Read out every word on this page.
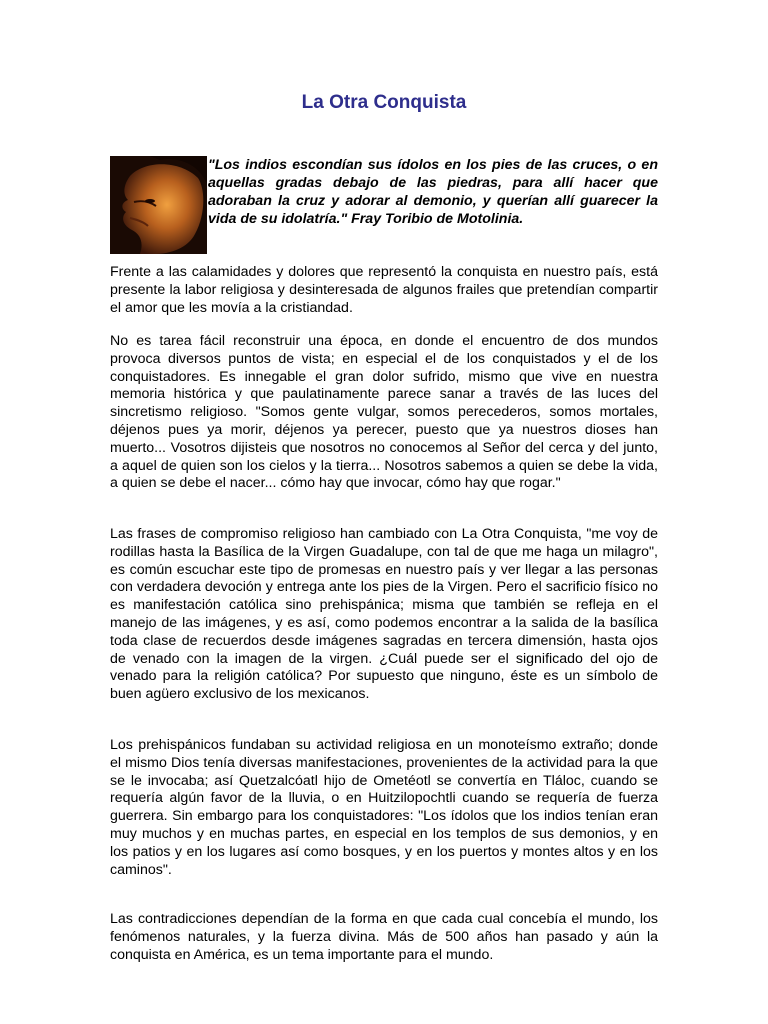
La Otra Conquista
"Los indios escondían sus ídolos en los pies de las cruces, o en aquellas gradas debajo de las piedras, para allí hacer que adoraban la cruz y adorar al demonio, y querían allí guarecer la vida de su idolatría." Fray Toribio de Motolinia.

Frente a las calamidades y dolores que representó la conquista en nuestro país, está presente la labor religiosa y desinteresada de algunos frailes que pretendían compartir el amor que les movía a la cristiandad.

No es tarea fácil reconstruir una época, en donde el encuentro de dos mundos provoca diversos puntos de vista; en especial el de los conquistados y el de los conquistadores. Es innegable el gran dolor sufrido, mismo que vive en nuestra memoria histórica y que paulatinamente parece sanar a través de las luces del sincretismo religioso. "Somos gente vulgar, somos perecederos, somos mortales, déjenos pues ya morir, déjenos ya perecer, puesto que ya nuestros dioses han muerto... Vosotros dijisteis que nosotros no conocemos al Señor del cerca y del junto, a aquel de quien son los cielos y la tierra... Nosotros sabemos a quien se debe la vida, a quien se debe el nacer... cómo hay que invocar, cómo hay que rogar."

Las frases de compromiso religioso han cambiado con La Otra Conquista, "me voy de rodillas hasta la Basílica de la Virgen Guadalupe, con tal de que me haga un milagro", es común escuchar este tipo de promesas en nuestro país y ver llegar a las personas con verdadera devoción y entrega ante los pies de la Virgen. Pero el sacrificio físico no es manifestación católica sino prehispánica; misma que también se refleja en el manejo de las imágenes, y es así, como podemos encontrar a la salida de la basílica toda clase de recuerdos desde imágenes sagradas en tercera dimensión, hasta ojos de venado con la imagen de la virgen. ¿Cuál puede ser el significado del ojo de venado para la religión católica? Por supuesto que ninguno, éste es un símbolo de buen agüero exclusivo de los mexicanos.

Los prehispánicos fundaban su actividad religiosa en un monoteísmo extraño; donde el mismo Dios tenía diversas manifestaciones, provenientes de la actividad para la que se le invocaba; así Quetzalcóatl hijo de Ometéotl se convertía en Tláloc, cuando se requería algún favor de la lluvia, o en Huitzilopochtli cuando se requería de fuerza guerrera. Sin embargo para los conquistadores: "Los ídolos que los indios tenían eran muy muchos y en muchas partes, en especial en los templos de sus demonios, y en los patios y en los lugares así como bosques, y en los puertos y montes altos y en los caminos".

Las contradicciones dependían de la forma en que cada cual concebía el mundo, los fenómenos naturales, y la fuerza divina. Más de 500 años han pasado y aún la conquista en América, es un tema importante para el mundo.
